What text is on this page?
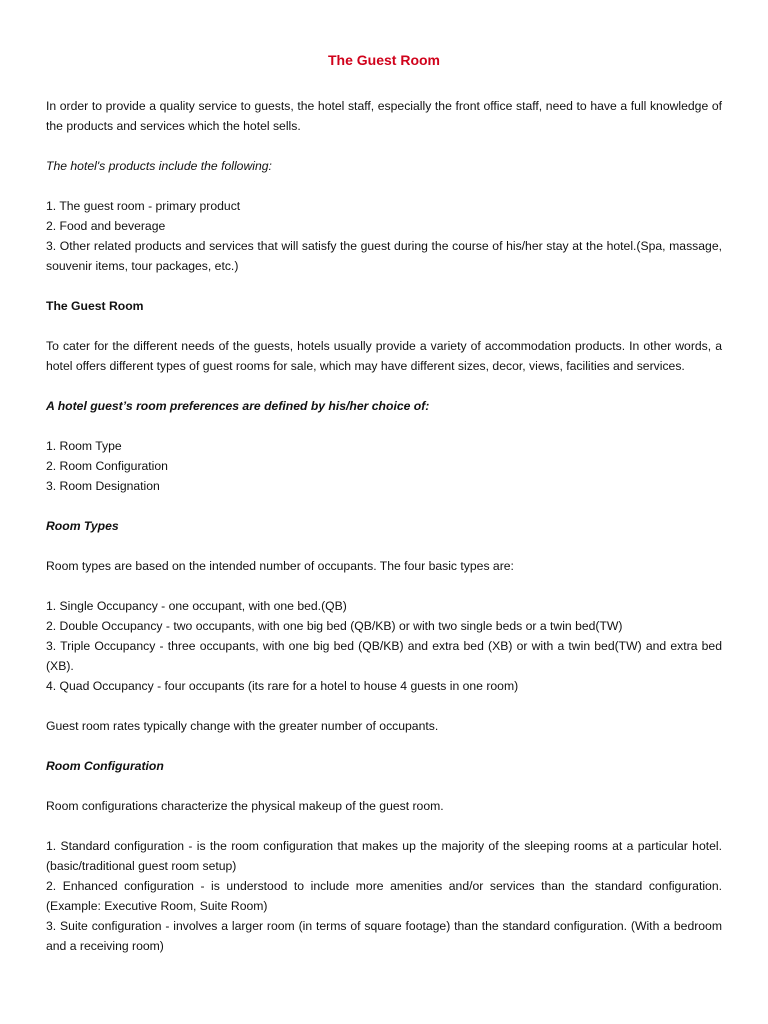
The Guest Room

In order to provide a quality service to guests, the hotel staff, especially the front office staff, need to have a full knowledge of the products and services which the hotel sells.

The hotel's products include the following:

1. The guest room - primary product
2. Food and beverage
3. Other related products and services that will satisfy the guest during the course of his/her stay at the hotel.(Spa, massage, souvenir items, tour packages, etc.)

The Guest Room

To cater for the different needs of the guests, hotels usually provide a variety of accommodation products. In other words, a hotel offers different types of guest rooms for sale, which may have different sizes, decor, views, facilities and services.

A hotel guest’s room preferences are defined by his/her choice of:

1. Room Type
2. Room Configuration
3. Room Designation

Room Types

Room types are based on the intended number of occupants. The four basic types are:

1. Single Occupancy - one occupant, with one bed.(QB)
2. Double Occupancy - two occupants, with one big bed (QB/KB) or with two single beds or a twin bed(TW)
3. Triple Occupancy - three occupants, with one big bed (QB/KB) and extra bed (XB) or with a twin bed(TW) and extra bed (XB).
4. Quad Occupancy - four occupants (its rare for a hotel to house 4 guests in one room)

Guest room rates typically change with the greater number of occupants.

Room Configuration

Room configurations characterize the physical makeup of the guest room.

1. Standard configuration - is the room configuration that makes up the majority of the sleeping rooms at a particular hotel. (basic/traditional guest room setup)
2. Enhanced configuration - is understood to include more amenities and/or services than the standard configuration. (Example: Executive Room, Suite Room)
3. Suite configuration - involves a larger room (in terms of square footage) than the standard configuration. (With a bedroom and a receiving room)
